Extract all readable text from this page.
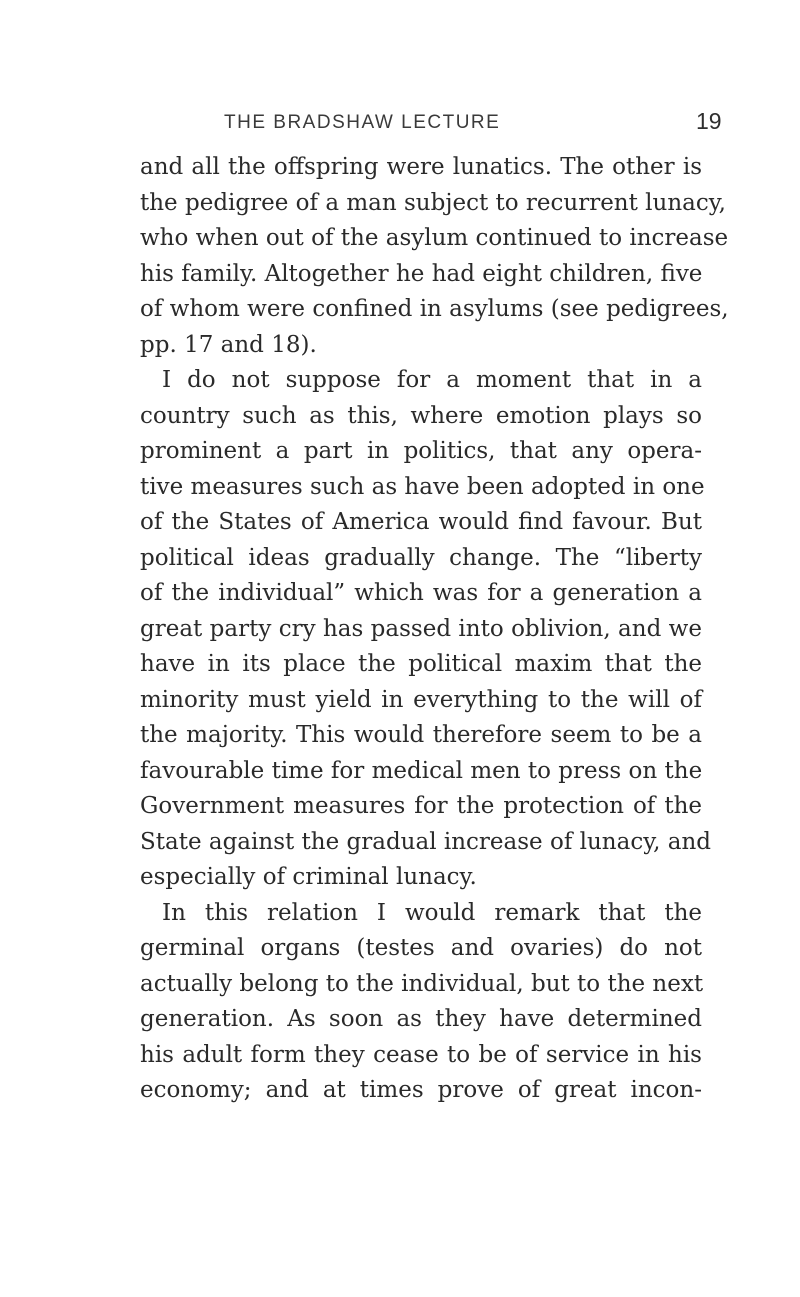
THE BRADSHAW LECTURE	19
and all the offspring were lunatics. The other is
the pedigree of a man subject to recurrent lunacy,
who when out of the asylum continued to increase
his family. Altogether he had eight children, five
of whom were confined in asylums (see pedigrees,
pp. 17 and 18).
I do not suppose for a moment that in a
country such as this, where emotion plays so
prominent a part in politics, that any opera-
tive measures such as have been adopted in one
of the States of America would find favour. But
political ideas gradually change. The “liberty
of the individual” which was for a generation a
great party cry has passed into oblivion, and we
have in its place the political maxim that the
minority must yield in everything to the will of
the majority. This would therefore seem to be a
favourable time for medical men to press on the
Government measures for the protection of the
State against the gradual increase of lunacy, and
especially of criminal lunacy.
In this relation I would remark that the
germinal organs (testes and ovaries) do not
actually belong to the individual, but to the next
generation. As soon as they have determined
his adult form they cease to be of service in his
economy; and at times prove of great incon-
